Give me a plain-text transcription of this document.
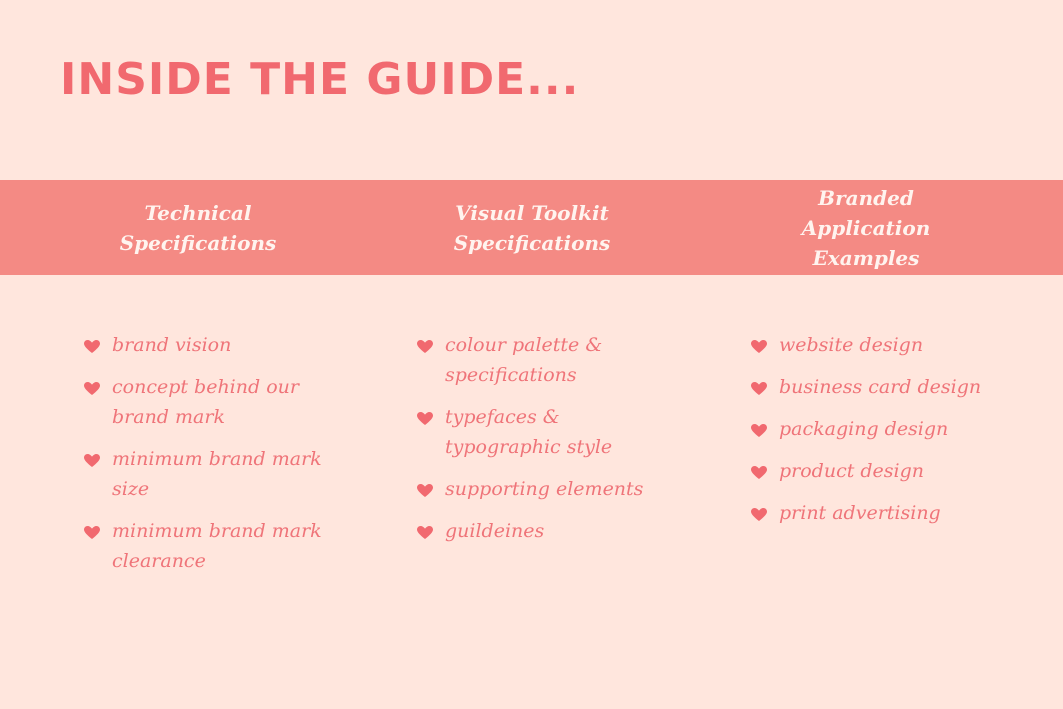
INSIDE THE GUIDE...
Technical Specifications
Visual Toolkit Specifications
Branded Application Examples
brand vision
concept behind our brand mark
minimum brand mark size
minimum brand mark clearance
colour palette & specifications
typefaces & typographic style
supporting elements
guildeines
website design
business card design
packaging design
product design
print advertising
